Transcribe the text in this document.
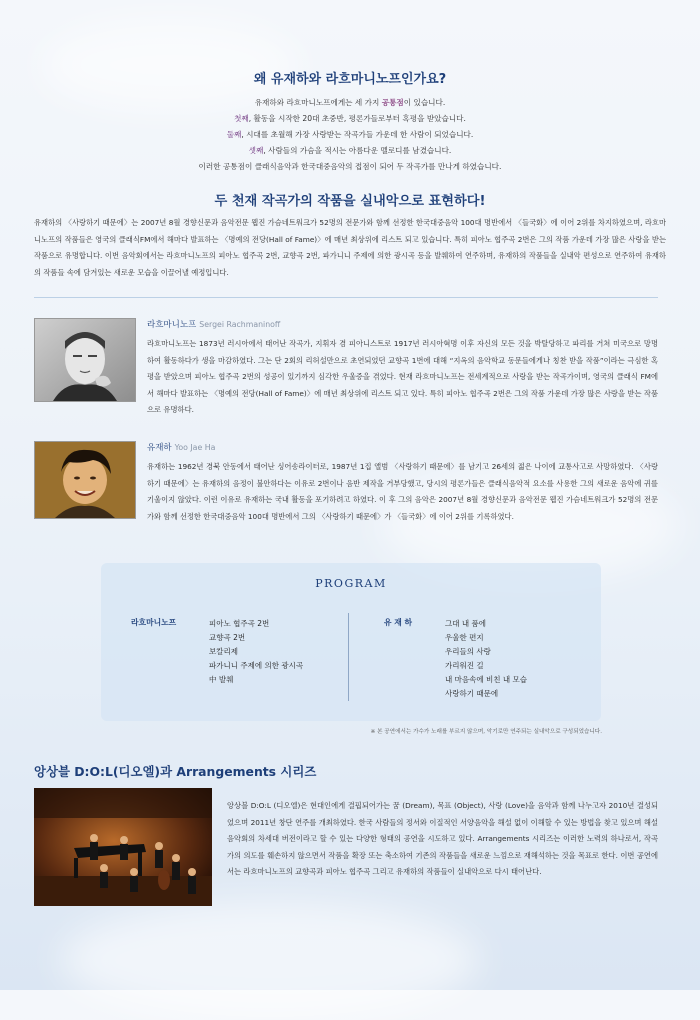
왜 유재하와 라흐마니노프인가요?

유재하와 라흐마니노프에게는 세 가지 공통점이 있습니다.

첫째, 활동을 시작한 20대 초중반, 평론가들로부터 혹평을 받았습니다.

둘째, 시대를 초월해 가장 사랑받는 작곡가들 가운데 한 사람이 되었습니다.

셋째, 사람들의 가슴을 적시는 아름다운 멜로디를 남겼습니다.

이러한 공통점이 클래식음악과 한국대중음악의 접점이 되어 두 작곡가를 만나게 하였습니다.

두 천재 작곡가의 작품을 실내악으로 표현하다!

유재하의 〈사랑하기 때문에〉는 2007년 8월 경향신문과 음악전문 웹진 가슴네트워크가 52명의 전문가와 함께 선정한 한국대중음악 100대 명반에서 〈들국화〉에 이어 2위를 차지하였으며, 라흐마니노프의 작품들은 영국의 클래식FM에서 해마다 발표하는 〈명예의 전당(Hall of Fame)〉에 매년 최상위에 리스트 되고 있습니다. 특히 피아노 협주곡 2번은 그의 작품 가운데 가장 많은 사랑을 받는 작품으로 유명합니다. 이번 음악회에서는 라흐마니노프의 피아노 협주곡 2번, 교향곡 2번, 파가니니 주제에 의한 광시곡 등을 발췌하여 연주하며, 유재하의 작품들을 실내악 편성으로 연주하여 유재하의 작품들 속에 담겨있는 새로운 모습을 이끌어낼 예정입니다.

라흐마니노프 Sergei Rachmaninoff

라흐마니노프는 1873년 러시아에서 태어난 작곡가, 지휘자 겸 피아니스트로 1917년 러시아혁명 이후 자신의 모든 것을 박탈당하고 파리를 거쳐 미국으로 망명하여 활동하다가 생을 마감하였다. 그는 단 2회의 리허설만으로 초연되었던 교향곡 1번에 대해 “지옥의 음악학교 동문들에게나 칭찬 받을 작품”이라는 극심한 혹평을 받았으며 피아노 협주곡 2번의 성공이 있기까지 심각한 우울증을 겪었다. 현재 라흐마니노프는 전세계적으로 사랑을 받는 작곡가이며, 영국의 클래식 FM에서 해마다 발표하는 〈명예의 전당(Hall of Fame)〉에 매년 최상위에 리스트 되고 있다. 특히 피아노 협주곡 2번은 그의 작품 가운데 가장 많은 사랑을 받는 작품으로 유명하다.

유재하 Yoo Jae Ha

유재하는 1962년 경북 안동에서 태어난 싱어송라이터로, 1987년 1집 앨범 〈사랑하기 때문에〉를 남기고 26세의 젊은 나이에 교통사고로 사망하였다. 〈사랑하기 때문에〉는 유재하의 음정이 불안하다는 이유로 2번이나 음반 제작을 거부당했고, 당시의 평론가들은 클래식음악적 요소를 사용한 그의 새로운 음악에 귀를 기울이지 않았다. 이런 이유로 유재하는 국내 활동을 포기하려고 하였다. 이 후 그의 음악은 2007년 8월 경향신문과 음악전문 웹진 가슴네트워크가 52명의 전문가와 함께 선정한 한국대중음악 100대 명반에서 그의 〈사랑하기 때문에〉가 〈들국화〉에 이어 2위를 기록하였다.

PROGRAM
라흐마니노프	피아노 협주곡 2번
교향곡 2번
보칼리제
파가니니 주제에 의한 광시곡
中 발췌
유 재 하	그대 내 품에
우울한 편지
우리들의 사랑
가리워진 길
내 마음속에 비친 내 모습
사랑하기 때문에
※ 본 공연에서는 가수가 노래를 부르지 않으며, 악기로만 연주되는 실내악으로 구성되었습니다.
앙상블 D:O:L(디오엘)과 Arrangements 시리즈

앙상블 D:O:L (디오엘)은 현대인에게 결핍되어가는 꿈 (Dream), 목표 (Object), 사랑 (Love)을 음악과 함께 나누고자 2010년 결성되었으며 2011년 창단 연주를 개최하였다. 한국 사람들의 정서와 이질적인 서양음악을 해설 없이 이해할 수 있는 방법을 찾고 있으며 해설음악회의 차세대 버전이라고 할 수 있는 다양한 형태의 공연을 시도하고 있다. Arrangements 시리즈는 이러한 노력의 하나로서, 작곡가의 의도를 훼손하지 않으면서 작품을 확장 또는 축소하여 기존의 작품들을 새로운 느낌으로 재해석하는 것을 목표로 한다. 이번 공연에서는 라흐마니노프의 교향곡과 피아노 협주곡 그리고 유재하의 작품들이 실내악으로 다시 태어난다.
